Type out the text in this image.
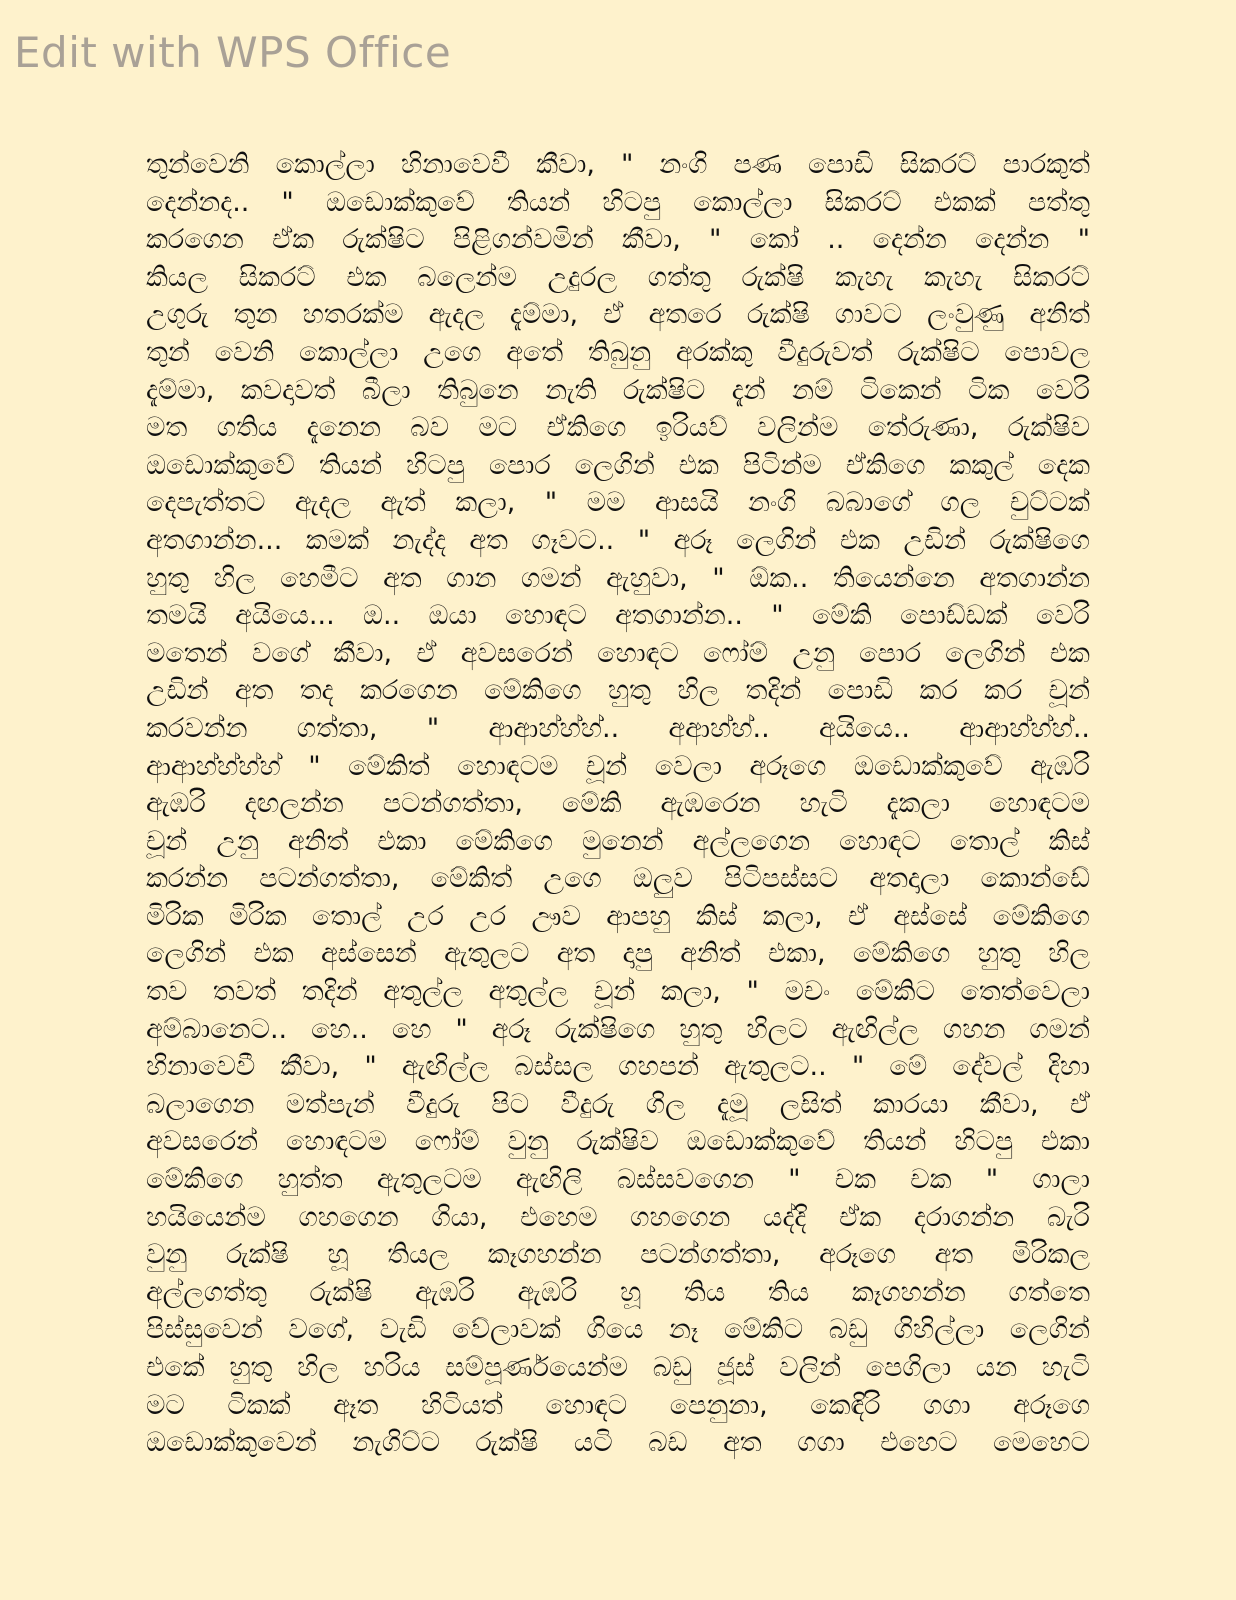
Edit with WPS Office
තුන්වෙනි කොල්ලා හිනාවෙවී කීවා, " නංගි පණ පොඩි සිකරට් පාරකුත්
දෙන්නද.. " ඔඩොක්කුවේ තියන් හිටපු කොල්ලා සිකරට් එකක් පත්තු
කරගෙන ඒක රුක්ෂිට පිළිගන්වමින් කීවා, " කෝ .. දෙන්න දෙන්න "
කියල සිකරට් එක බලෙන්ම උදුරල ගත්තු රුක්ෂි කැහැ කැහැ සිකරට්
උගුරු තුන හතරක්ම ඇදල දැම්මා, ඒ අතරෙ රුක්ෂි ගාවට ලංවුණු අනිත්
තුන් වෙනි කොල්ලා උගෙ අතේ තිබුනු අරක්කු වීදුරුවත් රුක්ෂිට පොවල
දැම්මා, කවදාවත් බීලා තිබුනෙ නැති රුක්ෂිට දැන් නම් ටිකෙන් ටික වෙරි
මත ගතිය දැනෙන බව මට ඒකිගෙ ඉරියව් වලින්ම තේරුණා, රුක්ෂිව
ඔඩොක්කුවේ තියන් හිටපු පොර ලෙගින් එක පිටින්ම ඒකිගෙ කකුල් දෙක
දෙපැත්තට ඇදල ඇත් කලා, " මම ආසයි නංගි බබාගේ ගල චුට්ටක්
අතගාන්න... කමක් නැද්ද අත ගෑවට.. " අරූ ලෙගින් එක උඩින් රුක්ෂිගෙ
හුතු හිල හෙමීට අත ගාන ගමන් ඇහුවා, " ඕක.. තියෙන්නෙ අතගාන්න
තමයි අයියෙ... ඔ.. ඔයා හොඳට අතගාන්න.. " මේකි පොඩ්ඩක් වෙරි
මතෙන් වගේ කීවා, ඒ අවසරෙන් හොඳට ෆෝම් උනු පොර ලෙගින් එක
උඩින් අත තද කරගෙන මේකිගෙ හුතු හිල තදින් පොඩි කර කර චූන්
කරවන්න ගත්තා, " ආආහ්හ්හ්.. අආහ්හ්.. අයියෙ.. ආආහ්හ්හ්..
ආආහ්හ්හ්හ් " මේකිත් හොඳටම චූන් වෙලා අරූගෙ ඔඩොක්කුවේ ඇඹරි
ඇඹරි දඟලන්න පටන්ගත්තා, මේකි ඇඹරෙන හැටි දැකලා හොඳටම
චූන් උනු අනිත් එකා මේකිගෙ මුනෙන් අල්ලගෙන හොඳට තොල් කිස්
කරන්න පටන්ගත්තා, මේකිත් උගෙ ඔලුව පිටිපස්සට අතදාලා කොන්ඩේ
මිරික මිරික තොල් උර උර ඌව ආපහු කිස් කලා, ඒ අස්සේ මේකිගෙ
ලෙගින් එක අස්සෙන් ඇතුලට අත දාපු අනිත් එකා, මේකිගෙ හුතු හිල
තව තවත් තදින් අතුල්ල අතුල්ල චූන් කලා, " මචං මේකිට තෙත්වෙලා
අම්බානෙට.. හෙ.. හෙ " අරූ රුක්ෂිගෙ හුතු හිලට ඇඟිල්ල ගහන ගමන්
හිනාවෙවී කීවා, " ඇඟිල්ල බස්සල ගහපන් ඇතුලට.. " මේ දේවල් දිහා
බලාගෙන මත්පැන් වීදුරු පිට වීදුරු ගිල දැමූ ලසිත් කාරයා කීවා, ඒ
අවසරෙන් හොඳටම ෆෝම් වුනු රුක්ෂිව ඔඩොක්කුවේ තියන් හිටපු එකා
මේකිගෙ හුත්ත ඇතුලටම ඇඟිලි බස්සවගෙන " චක චක " ගාලා
හයියෙන්ම ගහගෙන ගියා, එහෙම ගහගෙන යද්දි ඒක දරාගන්න බැරි
වුනු රුක්ෂි හූ තියල කෑගහන්න පටන්ගත්තා, අරූගෙ අත මිරිකල
අල්ලගත්තු රුක්ෂි ඇඹරි ඇඹරි හූ තිය තිය කෑගහන්න ගත්තෙ
පිස්සුවෙන් වගේ, වැඩි වේලාවක් ගියෙ නෑ මේකිට බඩු ගිහිල්ලා ලෙගින්
එකේ හුතු හිල හරිය සම්පූර්ණයෙන්ම බඩු ජූස් වලින් පෙගිලා යන හැටි
මට ටිකක් ඈත හිටියත් හොඳට පෙනුනා, කෙඳිරි ගගා අරූගෙ
ඔඩොක්කුවෙන් නැගිට්ට රුක්ෂි යටි බඩ අත ගගා එහෙට මෙහෙට
